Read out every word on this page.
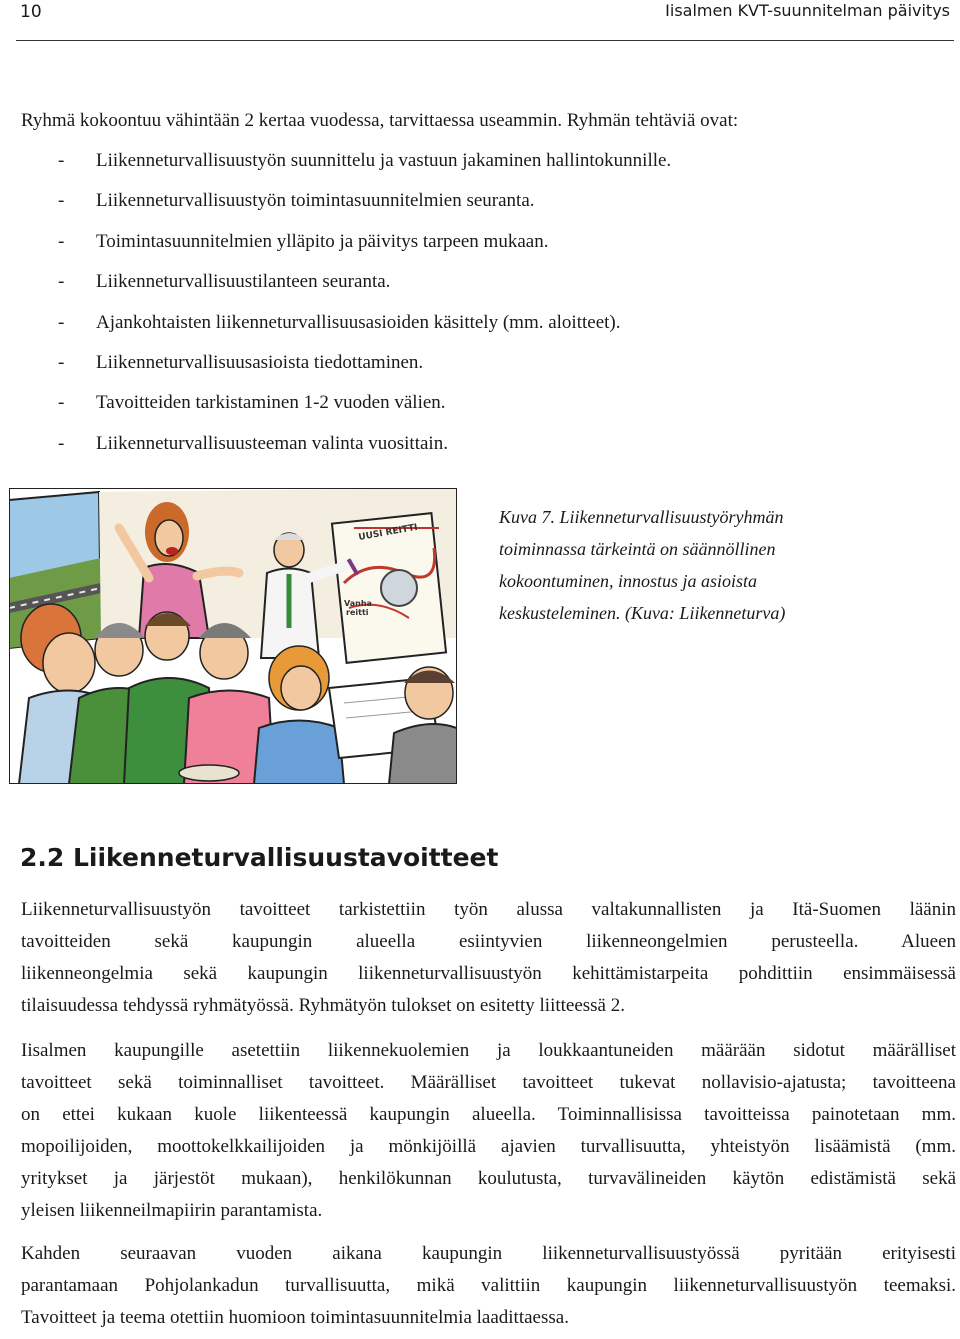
10	Iisalmen KVT-suunnitelman päivitys
Ryhmä kokoontuu vähintään 2 kertaa vuodessa, tarvittaessa useammin. Ryhmän tehtäviä ovat:
- Liikenneturvallisuustyön suunnittelu ja vastuun jakaminen hallintokunnille.
- Liikenneturvallisuustyön toimintasuunnitelmien seuranta.
- Toimintasuunnitelmien ylläpito ja päivitys tarpeen mukaan.
- Liikenneturvallisuustilanteen seuranta.
- Ajankohtaisten liikenneturvallisuusasioiden käsittely (mm. aloitteet).
- Liikenneturvallisuusasioista tiedottaminen.
- Tavoitteiden tarkistaminen 1-2 vuoden välien.
- Liikenneturvallisuusteeman valinta vuosittain.
UUSI REITTI
Vanha
reitti
Kuva 7. Liikenneturvallisuustyöryhmän
toiminnassa tärkeintä on säännöllinen
kokoontuminen, innostus ja asioista
keskusteleminen. (Kuva: Liikenneturva)
2.2 Liikenneturvallisuustavoitteet
Liikenneturvallisuustyön tavoitteet tarkistettiin työn alussa valtakunnallisten ja Itä-Suomen läänin
tavoitteiden sekä kaupungin alueella esiintyvien liikenneongelmien perusteella. Alueen
liikenneongelmia sekä kaupungin liikenneturvallisuustyön kehittämistarpeita pohdittiin ensimmäisessä
tilaisuudessa tehdyssä ryhmätyössä. Ryhmätyön tulokset on esitetty liitteessä 2.
Iisalmen kaupungille asetettiin liikennekuolemien ja loukkaantuneiden määrään sidotut määrälliset
tavoitteet sekä toiminnalliset tavoitteet. Määrälliset tavoitteet tukevat nollavisio-ajatusta; tavoitteena
on ettei kukaan kuole liikenteessä kaupungin alueella. Toiminnallisissa tavoitteissa painotetaan mm.
mopoilijoiden, moottokelkkailijoiden ja mönkijöillä ajavien turvallisuutta, yhteistyön lisäämistä (mm.
yritykset ja järjestöt mukaan), henkilökunnan koulutusta, turvavälineiden käytön edistämistä sekä
yleisen liikenneilmapiirin parantamista.
Kahden seuraavan vuoden aikana kaupungin liikenneturvallisuustyössä pyritään erityisesti
parantamaan Pohjolankadun turvallisuutta, mikä valittiin kaupungin liikenneturvallisuustyön teemaksi.
Tavoitteet ja teema otettiin huomioon toimintasuunnitelmia laadittaessa.
